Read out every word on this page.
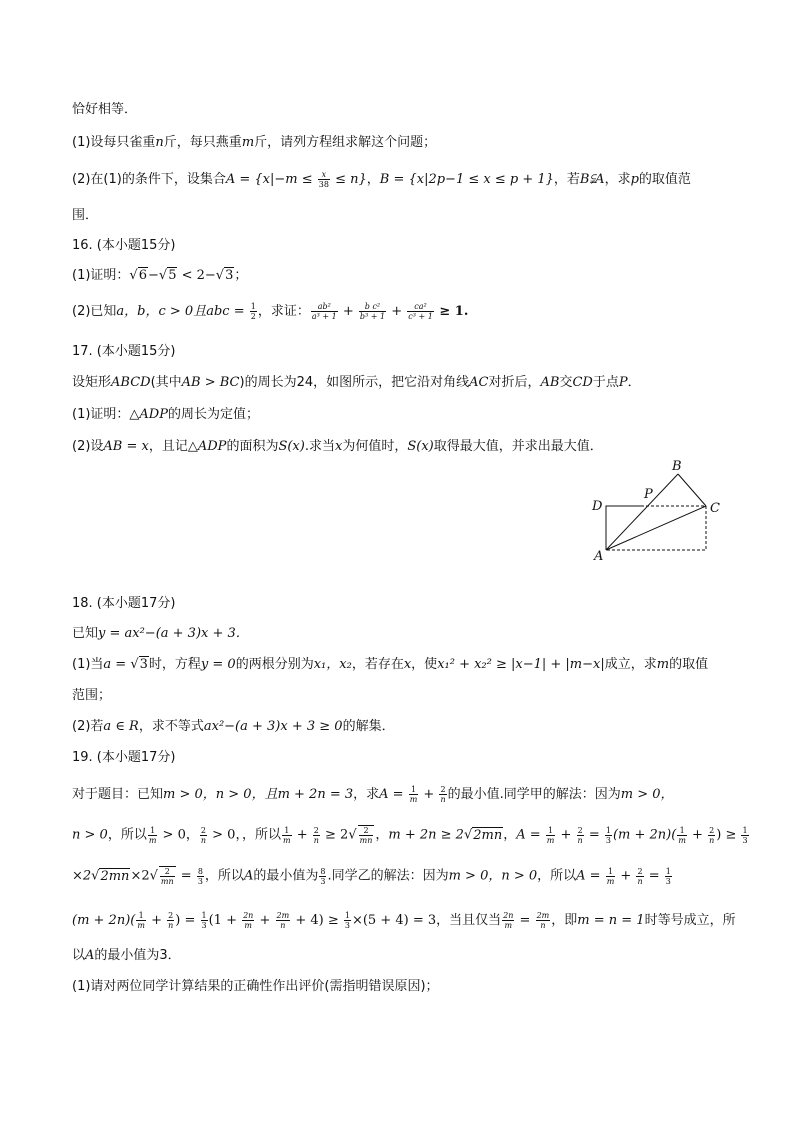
恰好相等．
(1)设每只雀重n斤，每只燕重m斤，请列方程组求解这个问题；
(2)在(1)的条件下，设集合$A = \{x|-m \le \frac{x}{38} \le n\}$，B = {x|2p−1 ≤ x ≤ p + 1}，若B⫋A，求p的取值范
围．
16. (本小题15分)
(1)证明：√6−√5 < 2−√3；
(2)已知a，b，c > 0且abc = $\frac{1}{2}$ ，求证： $\frac{\text{ab²}}{\text{a³ + 1}} + \frac{\text{b c²}}{\text{b³ + 1}} + \frac{\text{ca²}}{\text{c³ + 1}} \ge 1$.
17. (本小题15分)
设矩形ABCD(其中AB > BC)的周长为24，如图所示，把它沿对角线AC对折后，AB交CD于点P．
(1)证明：△ADP的周长为定值；
(2)设AB = x，且记△ADP的面积为S(x).求当x为何值时，S(x)取得最大值，并求出最大值．
B
P
D	C
A
18. (本小题17分)
已知y = ax²−(a + 3)x + 3．
(1)当a = √3时，方程y = 0的两根分别为x₁，x₂，若存在x，使x₁² + x₂² ≥ |x−1| + |m−x|成立，求m的取值
范围；
(2)若a ∈ R，求不等式ax²−(a + 3)x + 3 ≥ 0的解集．
19. (本小题17分)
对于题目：已知m > 0，n > 0，且m + 2n = 3，求$A = \frac{1}{m} + \frac{2}{n}$ 的最小值.同学甲的解法：因为m > 0，
n > 0，所以 $\frac{1}{m} > 0$， $\frac{2}{n} > 0$，，所以 $\frac{1}{m} + \frac{2}{n} \ge 2√ \frac{2}{mn}$ ，m + 2n ≥ 2√2mn，$A = \frac{1}{m} + \frac{2}{n} = \frac{1}{3} (m + 2n)( \frac{1}{m} + \frac{2}{n}$ ) ≥ $\frac{1}{3}$
$\times 2√2mn\times 2√ \frac{2}{mn} = \frac{8}{3}$ ，所以A的最小值为 $\frac{8}{3}$ .同学乙的解法：因为m > 0，n > 0，所以$A = \frac{1}{m} + \frac{2}{n} = \frac{1}{3}$
$(m + 2n)( \frac{1}{m} + \frac{2}{n}$ ) = $\frac{1}{3} (1 + \frac{2n}{m} + \frac{2m}{n} + 4) \ge \frac{1}{3} \times(5 + 4) = 3$，当且仅当 $\frac{2n}{m} = \frac{2m}{n}$ ，即m = n = 1时等号成立，所
以A的最小值为3．
(1)请对两位同学计算结果的正确性作出评价(需指明错误原因)；
